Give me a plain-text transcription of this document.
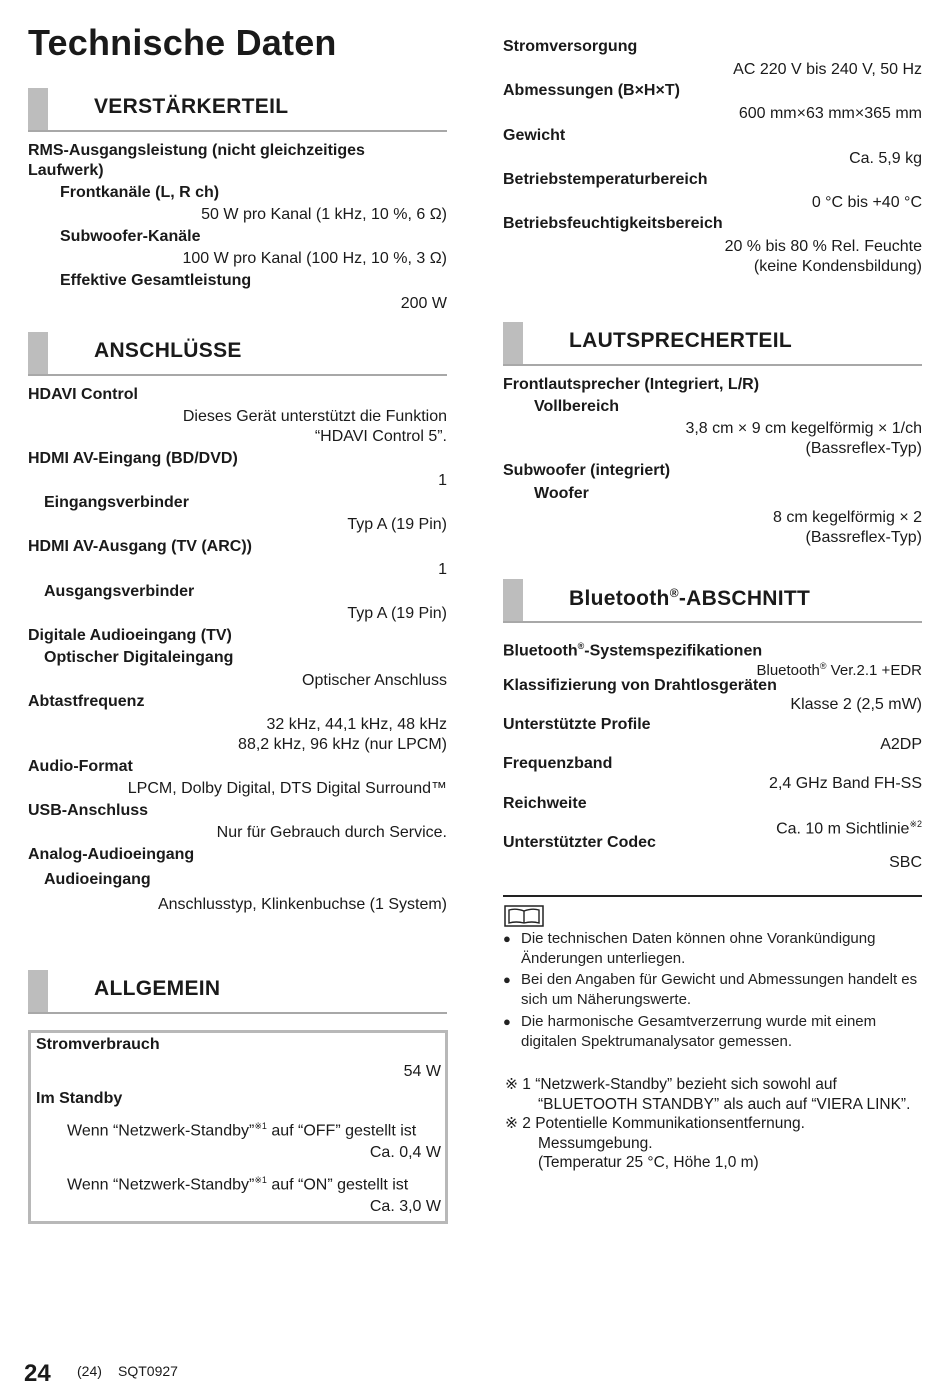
Technische Daten
VERSTÄRKERTEIL
RMS-Ausgangsleistung (nicht gleichzeitiges
Laufwerk)
Frontkanäle (L, R ch)
50 W pro Kanal (1 kHz, 10 %, 6 Ω)
Subwoofer-Kanäle
100 W pro Kanal (100 Hz, 10 %, 3 Ω)
Effektive Gesamtleistung
200 W
ANSCHLÜSSE
HDAVI Control
Dieses Gerät unterstützt die Funktion
“HDAVI Control 5”.
HDMI AV-Eingang (BD/DVD)
1
Eingangsverbinder
Typ A (19 Pin)
HDMI AV-Ausgang (TV (ARC))
1
Ausgangsverbinder
Typ A (19 Pin)
Digitale Audioeingang (TV)
Optischer Digitaleingang
Optischer Anschluss
Abtastfrequenz
32 kHz, 44,1 kHz, 48 kHz
88,2 kHz, 96 kHz (nur LPCM)
Audio-Format
LPCM, Dolby Digital, DTS Digital Surround™
USB-Anschluss
Nur für Gebrauch durch Service.
Analog-Audioeingang
Audioeingang
Anschlusstyp, Klinkenbuchse (1 System)
ALLGEMEIN
Stromverbrauch
54 W
Im Standby
Wenn “Netzwerk-Standby”$^{※1}$ auf “OFF” gestellt ist
Ca. 0,4 W
Wenn “Netzwerk-Standby”$^{※1}$ auf “ON” gestellt ist
Ca. 3,0 W
Stromversorgung
AC 220 V bis 240 V, 50 Hz
Abmessungen (B×H×T)
600 mm×63 mm×365 mm
Gewicht
Ca. 5,9 kg
Betriebstemperaturbereich
0 °C bis +40 °C
Betriebsfeuchtigkeitsbereich
20 % bis 80 % Rel. Feuchte
(keine Kondensbildung)
LAUTSPRECHERTEIL
Frontlautsprecher (Integriert, L/R)
Vollbereich
3,8 cm × 9 cm kegelförmig × 1/ch
(Bassreflex-Typ)
Subwoofer (integriert)
Woofer
8 cm kegelförmig × 2
(Bassreflex-Typ)
Bluetooth®-ABSCHNITT
Bluetooth®-Systemspezifikationen
Bluetooth® Ver.2.1 +EDR
Klassifizierung von Drahtlosgeräten
Klasse 2 (2,5 mW)
Unterstützte Profile
A2DP
Frequenzband
2,4 GHz Band FH-SS
Reichweite
Ca. 10 m Sichtlinie$^{※2}$
Unterstützter Codec
SBC
● Die technischen Daten können ohne Vorankündigung Änderungen unterliegen.
● Bei den Angaben für Gewicht und Abmessungen handelt es sich um Näherungswerte.
● Die harmonische Gesamtverzerrung wurde mit einem digitalen Spektrumanalysator gemessen.
※ 1 “Netzwerk-Standby” bezieht sich sowohl auf
“BLUETOOTH STANDBY” als auch auf “VIERA LINK”.
※ 2 Potentielle Kommunikationsentfernung.
Messumgebung.
(Temperatur 25 °C, Höhe 1,0 m)
24 (24) SQT0927
